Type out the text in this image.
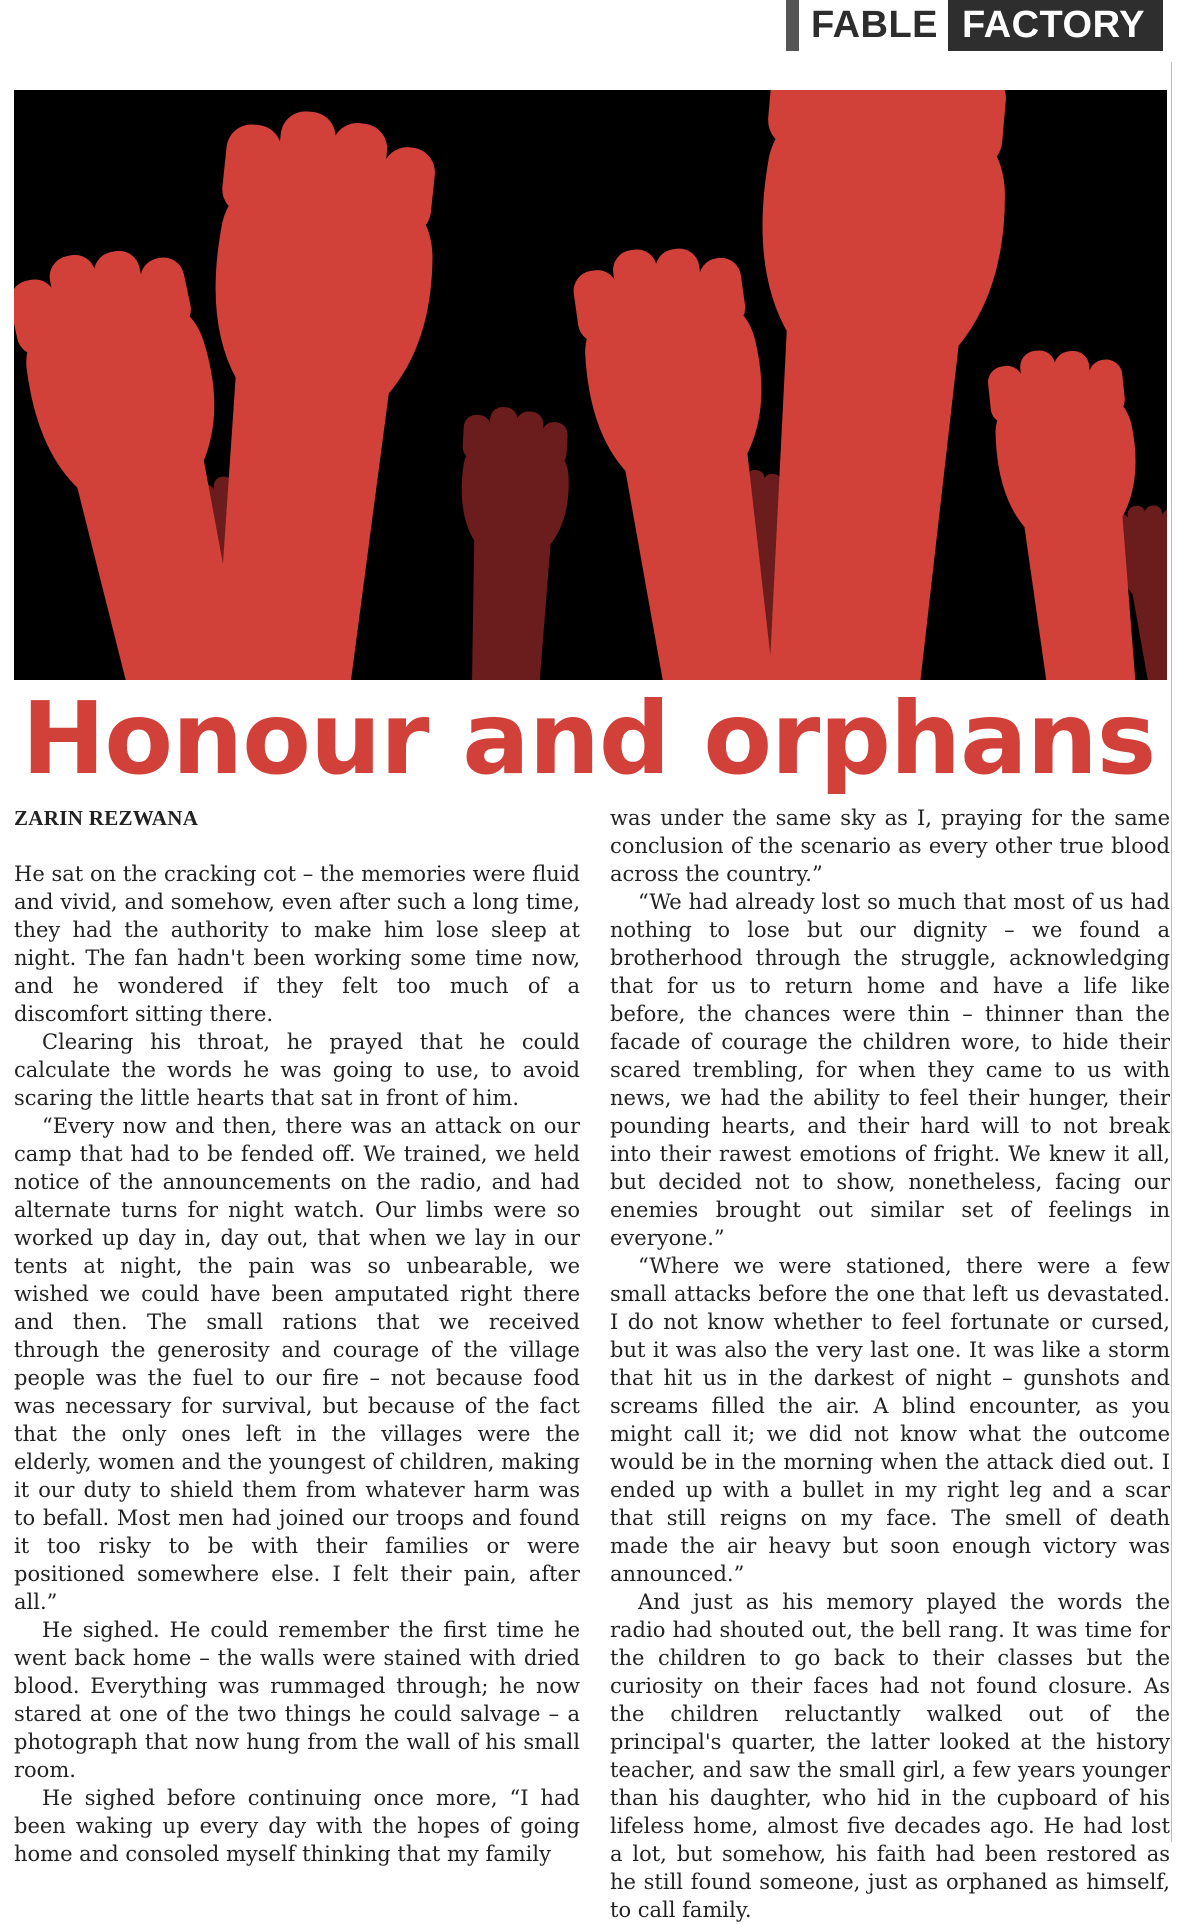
FABLE FACTORY
Honour and orphans
ZARIN REZWANA

He sat on the cracking cot – the memories were fluid and vivid, and somehow, even after such a long time, they had the authority to make him lose sleep at night. The fan hadn't been working some time now, and he wondered if they felt too much of a discomfort sitting there.

Clearing his throat, he prayed that he could calculate the words he was going to use, to avoid scaring the little hearts that sat in front of him.

“Every now and then, there was an attack on our camp that had to be fended off. We trained, we held notice of the announcements on the radio, and had alternate turns for night watch. Our limbs were so worked up day in, day out, that when we lay in our tents at night, the pain was so unbearable, we wished we could have been amputated right there and then. The small rations that we received through the generosity and courage of the village people was the fuel to our fire – not because food was necessary for survival, but because of the fact that the only ones left in the villages were the elderly, women and the youngest of children, making it our duty to shield them from whatever harm was to befall. Most men had joined our troops and found it too risky to be with their families or were positioned somewhere else. I felt their pain, after all.”

He sighed. He could remember the first time he went back home – the walls were stained with dried blood. Everything was rummaged through; he now stared at one of the two things he could salvage – a photograph that now hung from the wall of his small room.

He sighed before continuing once more, “I had been waking up every day with the hopes of going home and consoled myself thinking that my family

was under the same sky as I, praying for the same conclusion of the scenario as every other true blood across the country.”

“We had already lost so much that most of us had nothing to lose but our dignity – we found a brotherhood through the struggle, acknowledging that for us to return home and have a life like before, the chances were thin – thinner than the facade of courage the children wore, to hide their scared trembling, for when they came to us with news, we had the ability to feel their hunger, their pounding hearts, and their hard will to not break into their rawest emotions of fright. We knew it all, but decided not to show, nonetheless, facing our enemies brought out similar set of feelings in everyone.”

“Where we were stationed, there were a few small attacks before the one that left us devastated. I do not know whether to feel fortunate or cursed, but it was also the very last one. It was like a storm that hit us in the darkest of night – gunshots and screams filled the air. A blind encounter, as you might call it; we did not know what the outcome would be in the morning when the attack died out. I ended up with a bullet in my right leg and a scar that still reigns on my face. The smell of death made the air heavy but soon enough victory was announced.”

And just as his memory played the words the radio had shouted out, the bell rang. It was time for the children to go back to their classes but the curiosity on their faces had not found closure. As the children reluctantly walked out of the principal's quarter, the latter looked at the history teacher, and saw the small girl, a few years younger than his daughter, who hid in the cupboard of his lifeless home, almost five decades ago. He had lost a lot, but somehow, his faith had been restored as he still found someone, just as orphaned as himself, to call family.
